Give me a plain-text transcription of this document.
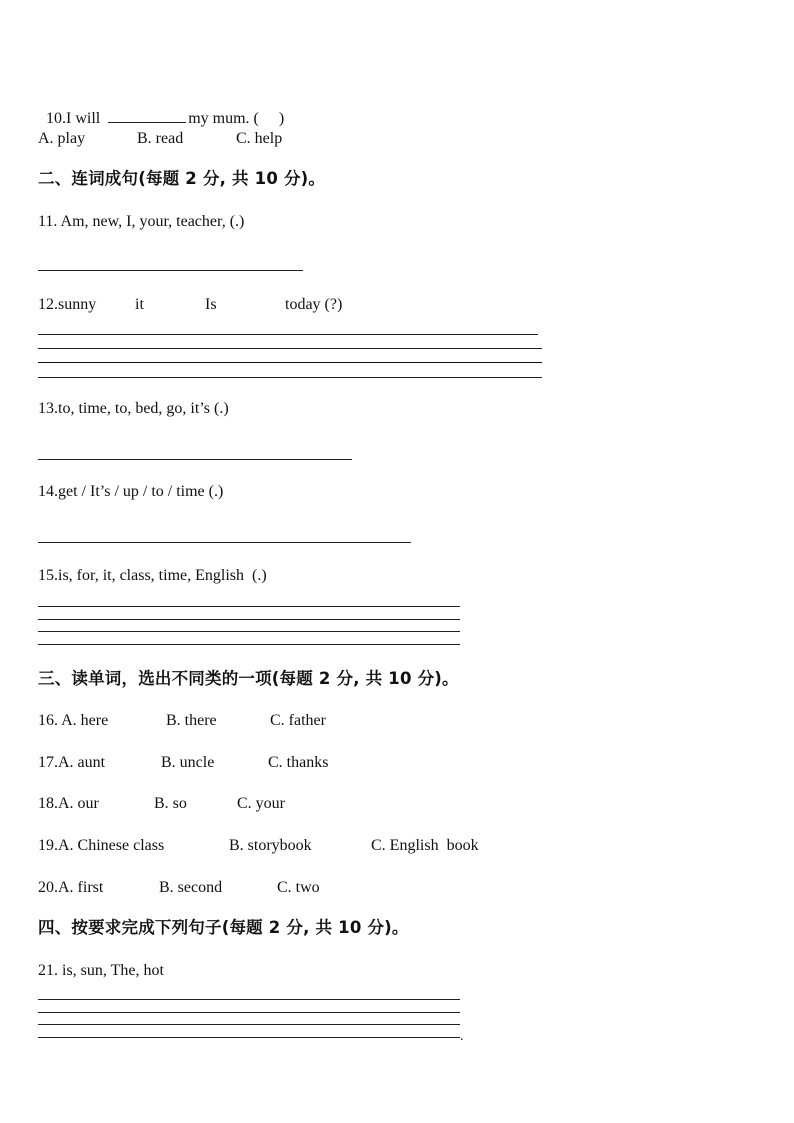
10.I will	my mum. (     )

A. play	B. read	C. help
二、连词成句(每题 2 分, 共 10 分)。
11. Am, new, I, your, teacher, (.)
12.sunny it	Is	today (?)
13.to, time, to, bed, go, it’s (.)
14.get / It’s / up / to / time (.)
15.is, for, it, class, time, English  (.)
三、读单词，选出不同类的一项(每题 2 分, 共 10 分)。
16. A. here	B. there	C. father
17.A. aunt	B. uncle	C. thanks
18.A. our	B. so	C. your
19.A. Chinese class	B. storybook	C. English  book
20.A. first	B. second	C. two
四、按要求完成下列句子(每题 2 分, 共 10 分)。
21. is, sun, The, hot
.
